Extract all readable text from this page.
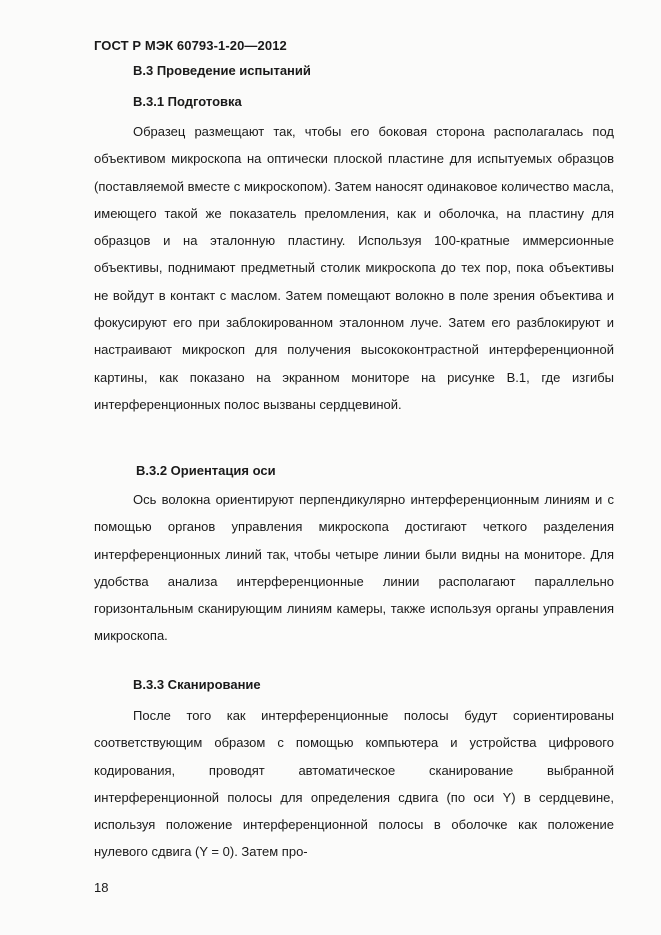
ГОСТ Р МЭК 60793-1-20—2012
B.3 Проведение испытаний
B.3.1 Подготовка
Образец размещают так, чтобы его боковая сторона располагалась под объективом микроскопа на оптически плоской пластине для испытуемых образцов (поставляемой вместе с микроскопом). Затем наносят одинаковое количество масла, имеющего такой же показатель преломления, как и оболочка, на пластину для образцов и на эталонную пластину. Используя 100-кратные иммерсионные объективы, поднимают предметный столик микроскопа до тех пор, пока объективы не войдут в контакт с маслом. Затем помещают волокно в поле зрения объектива и фокусируют его при заблокированном эталонном луче. Затем его разблокируют и настраивают микроскоп для получения высококонтрастной интерференционной картины, как показано на экранном мониторе на рисунке B.1, где изгибы интерференционных полос вызваны сердцевиной.
B.3.2 Ориентация оси
Ось волокна ориентируют перпендикулярно интерференционным линиям и с помощью органов управления микроскопа достигают четкого разделения интерференционных линий так, чтобы четыре линии были видны на мониторе. Для удобства анализа интерференционные линии располагают параллельно горизонтальным сканирующим линиям камеры, также используя органы управления микроскопа.
B.3.3 Сканирование
После того как интерференционные полосы будут сориентированы соответствующим образом с помощью компьютера и устройства цифрового кодирования, проводят автоматическое сканирование выбранной интерференционной полосы для определения сдвига (по оси Y) в сердцевине, используя положение интерференционной полосы в оболочке как положение нулевого сдвига (Y = 0). Затем про-
18
